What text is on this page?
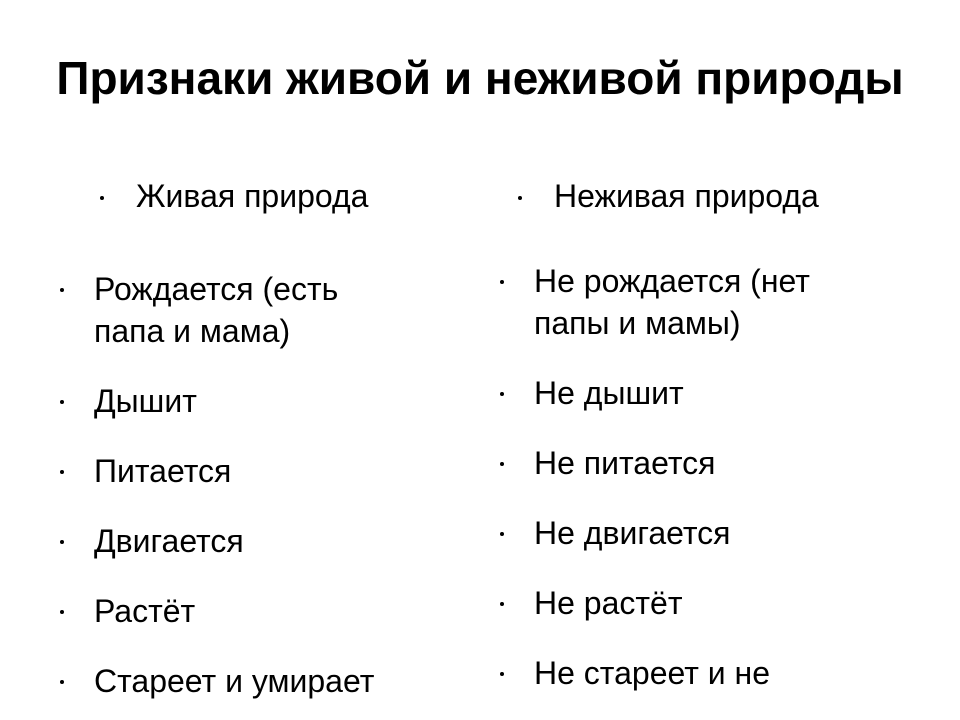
Признаки живой и неживой природы
Живая природа	Неживая природа
Рождается (есть папа и мама)
Дышит
Питается
Двигается
Растёт
Стареет и умирает
Не рождается (нет папы и мамы)
Не дышит
Не питается
Не двигается
Не растёт
Не стареет и не
